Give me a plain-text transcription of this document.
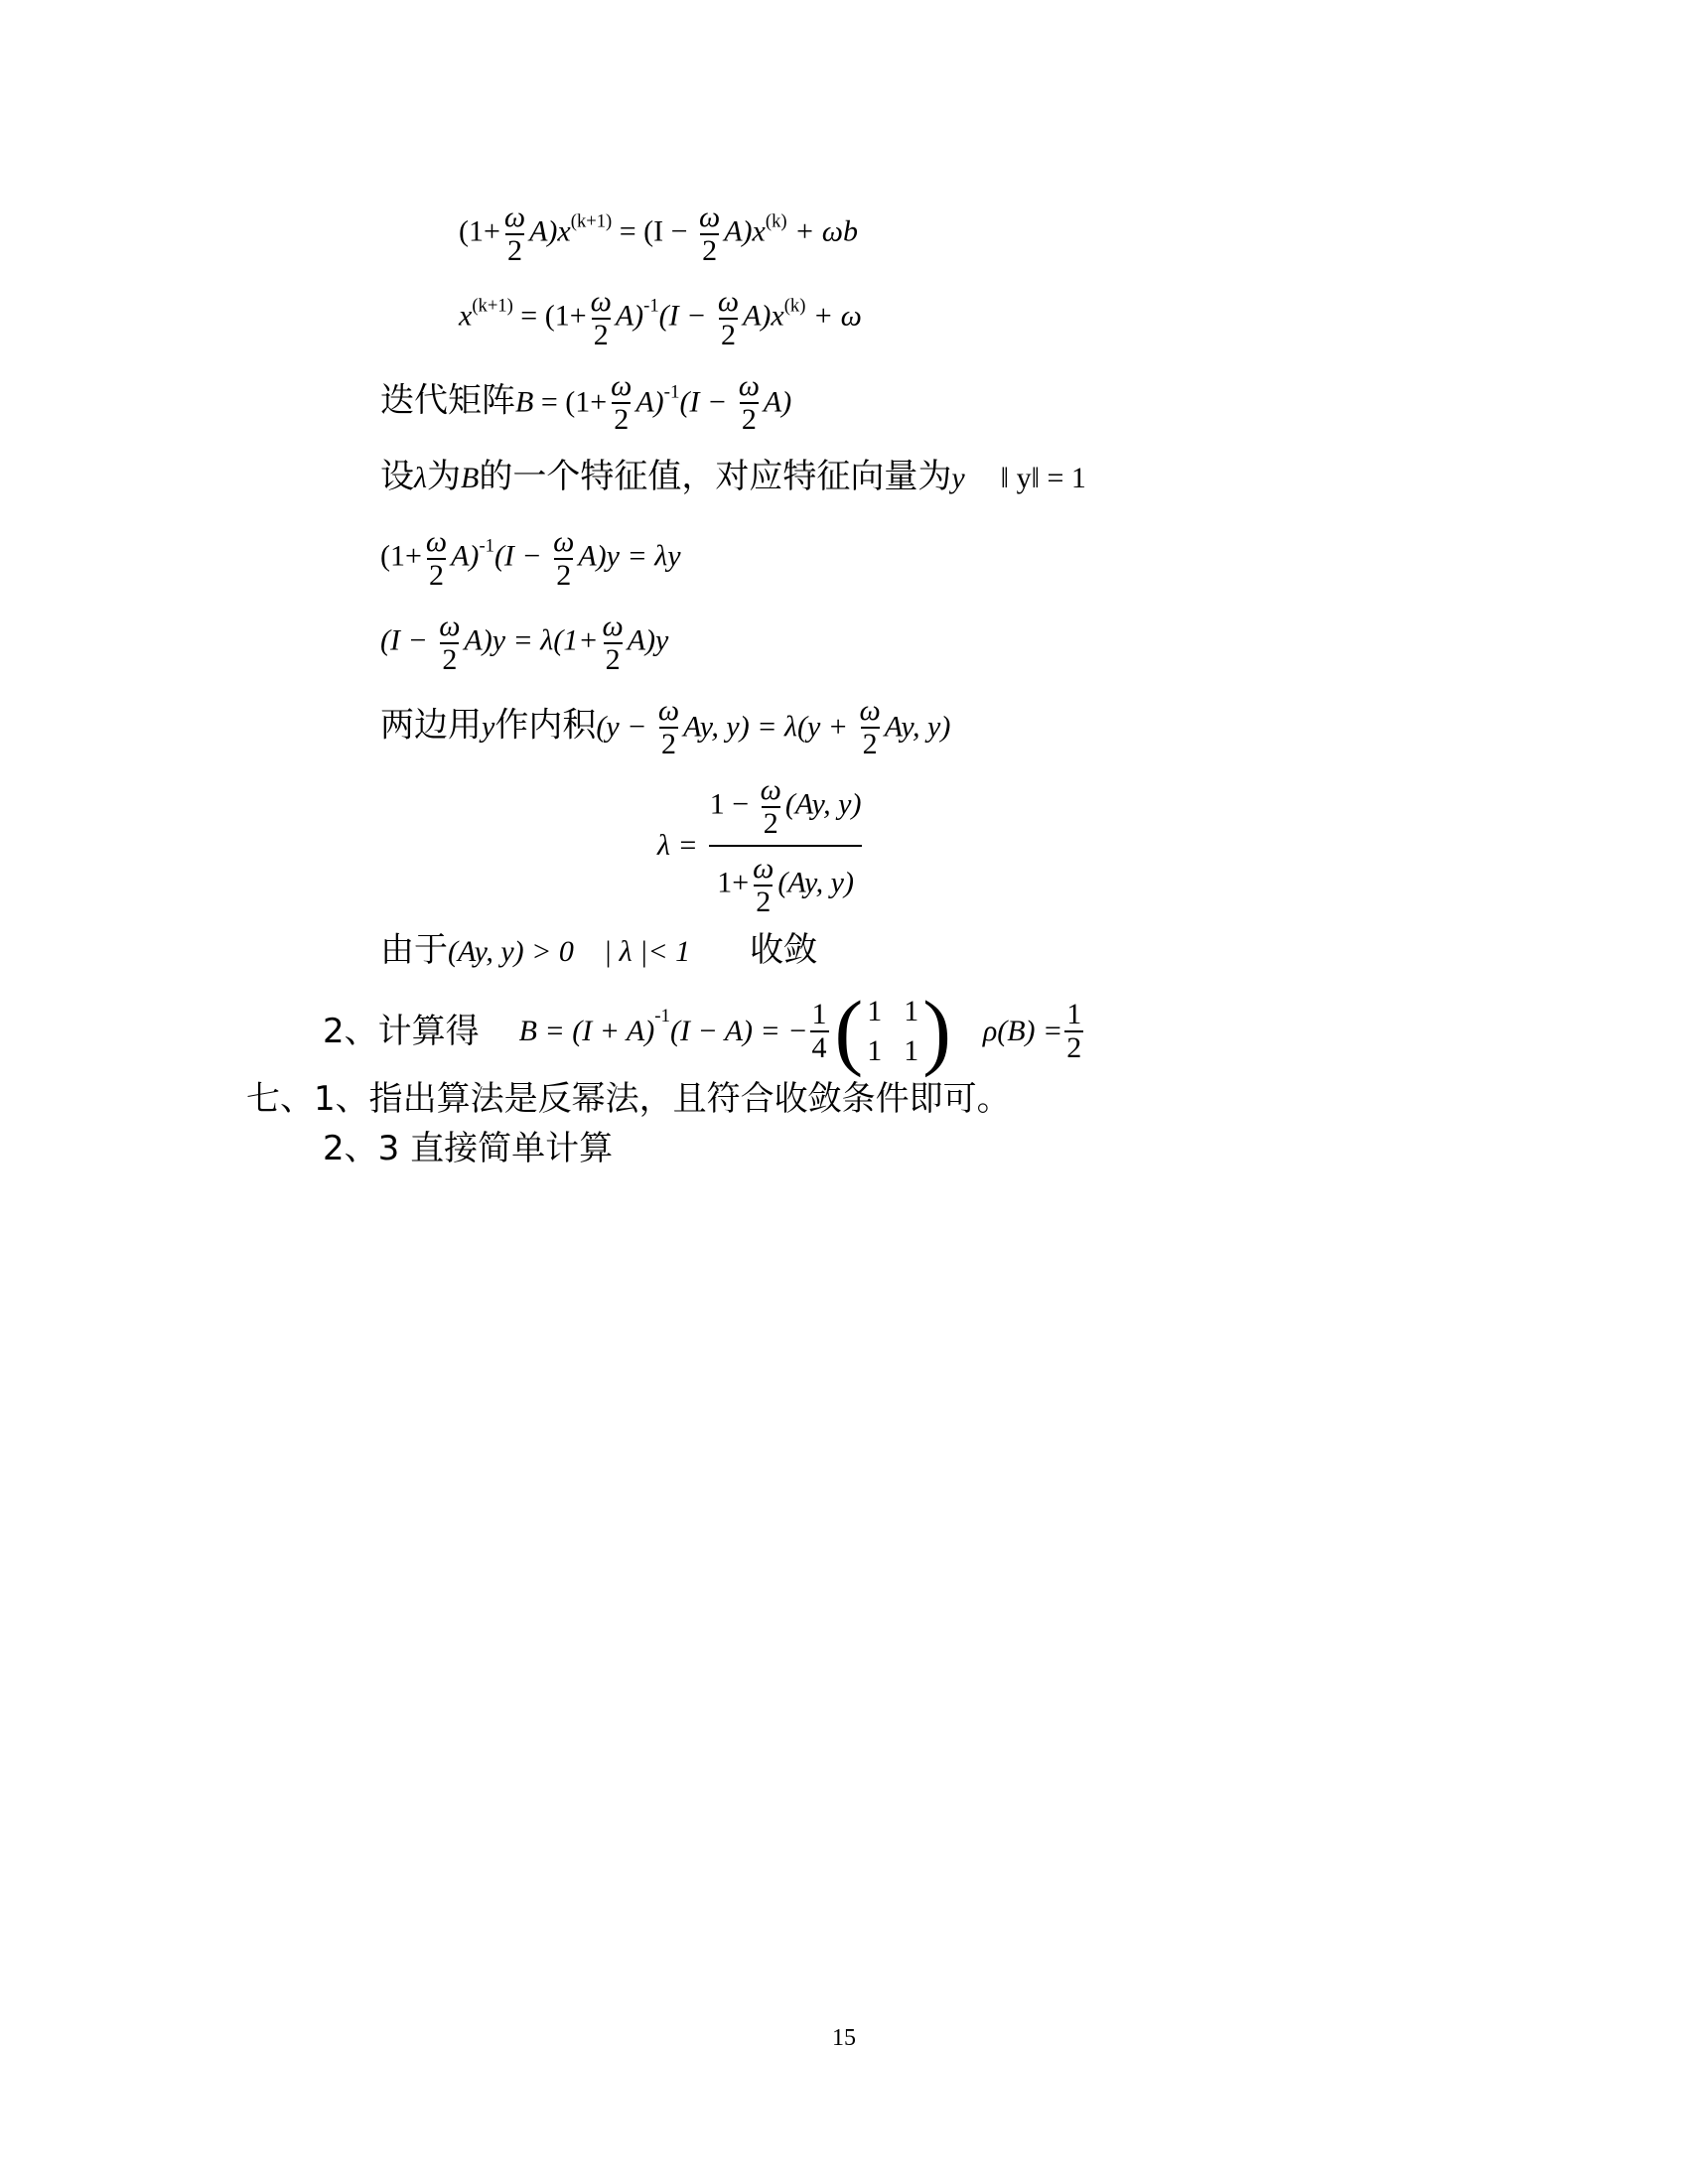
$(1+ \frac{\omega}{2} A)x^{(k+1)} = (I - \frac{\omega}{2} A)x^{(k)} + \omega b$
$x^{(k+1)} = (1+ \frac{\omega}{2} A)^{-1}(I - \frac{\omega}{2} A)x^{(k)} + \omega$
迭代矩阵$B = (1+ \frac{\omega}{2} A)^{-1}(I - \frac{\omega}{2} A)$
设λ为B的一个特征值，对应特征向量为y ‖ y‖ = 1
$(1+ \frac{\omega}{2} A)^{-1}(I - \frac{\omega}{2} A)y = \lambda y$
$(I - \frac{\omega}{2} A)y = \lambda(1+ \frac{\omega}{2} A)y$
两边用y作内积($y - \frac{\omega}{2} Ay$, $y) = \lambda(y + \frac{\omega}{2} Ay$, y)
$\lambda = \frac{1 - \frac{\omega}{2} (Ay, y)}{1+ \frac{\omega}{2} (Ay, y)}$
由于(Ay, y) > 0 | λ |< 1 收敛
2、计算得 B = (I + A) -1 (I − A) = − $\frac{1}{4}$ ( 1 1
1 1 ) $\rho(B) = \frac{1}{2}$
七、1、指出算法是反幂法，且符合收敛条件即可。
2、3 直接简单计算
15
